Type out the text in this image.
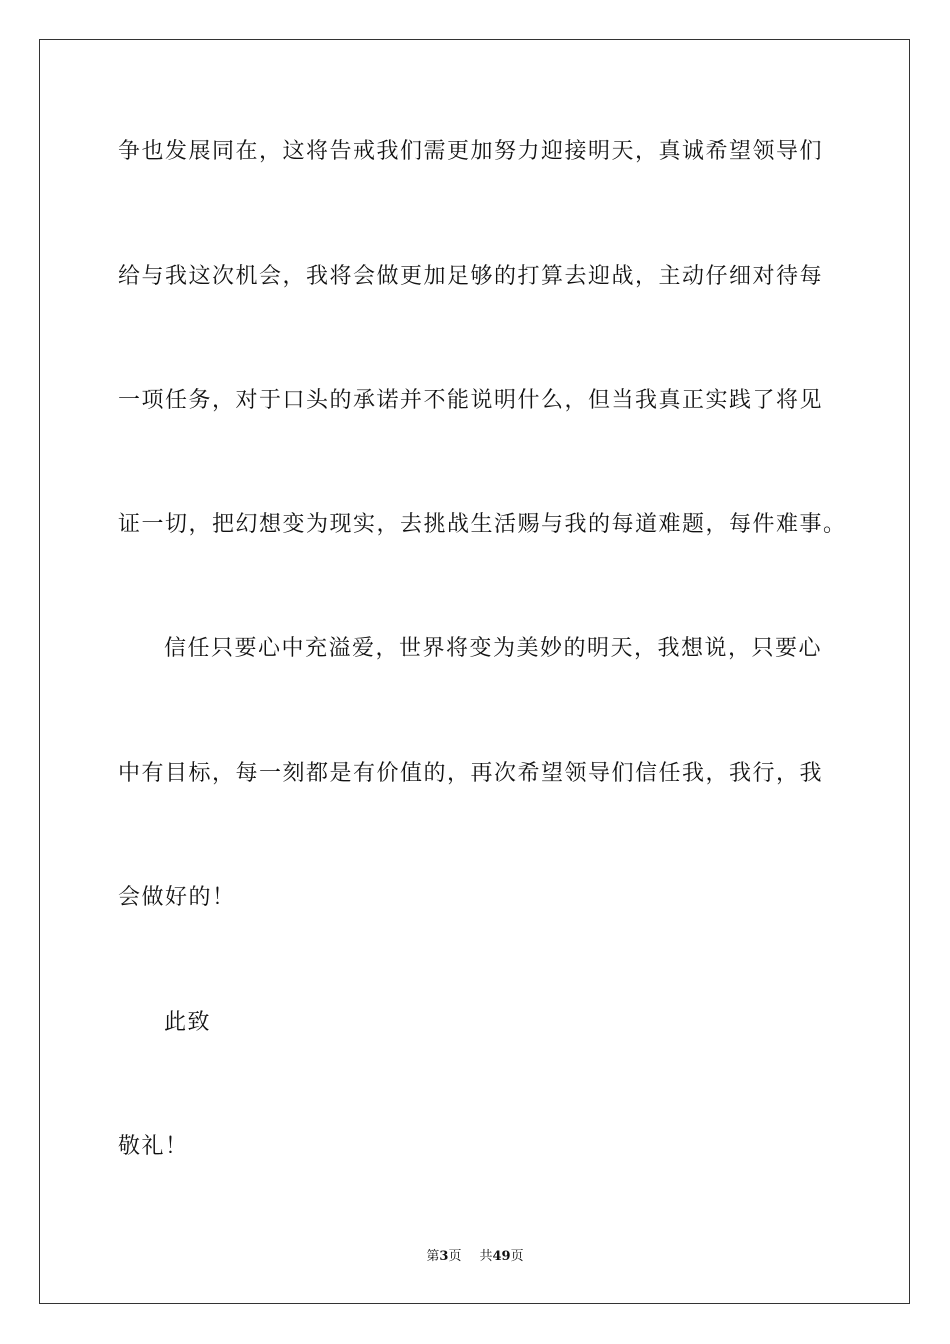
争也发展同在，这将告戒我们需更加努力迎接明天，真诚希望领导们
给与我这次机会，我将会做更加足够的打算去迎战，主动仔细对待每
一项任务，对于口头的承诺并不能说明什么，但当我真正实践了将见
证一切，把幻想变为现实，去挑战生活赐与我的每道难题，每件难事。
信任只要心中充溢爱，世界将变为美妙的明天，我想说，只要心
中有目标，每一刻都是有价值的，再次希望领导们信任我，我行，我
会做好的！
此致
敬礼！
第3页 共49页
